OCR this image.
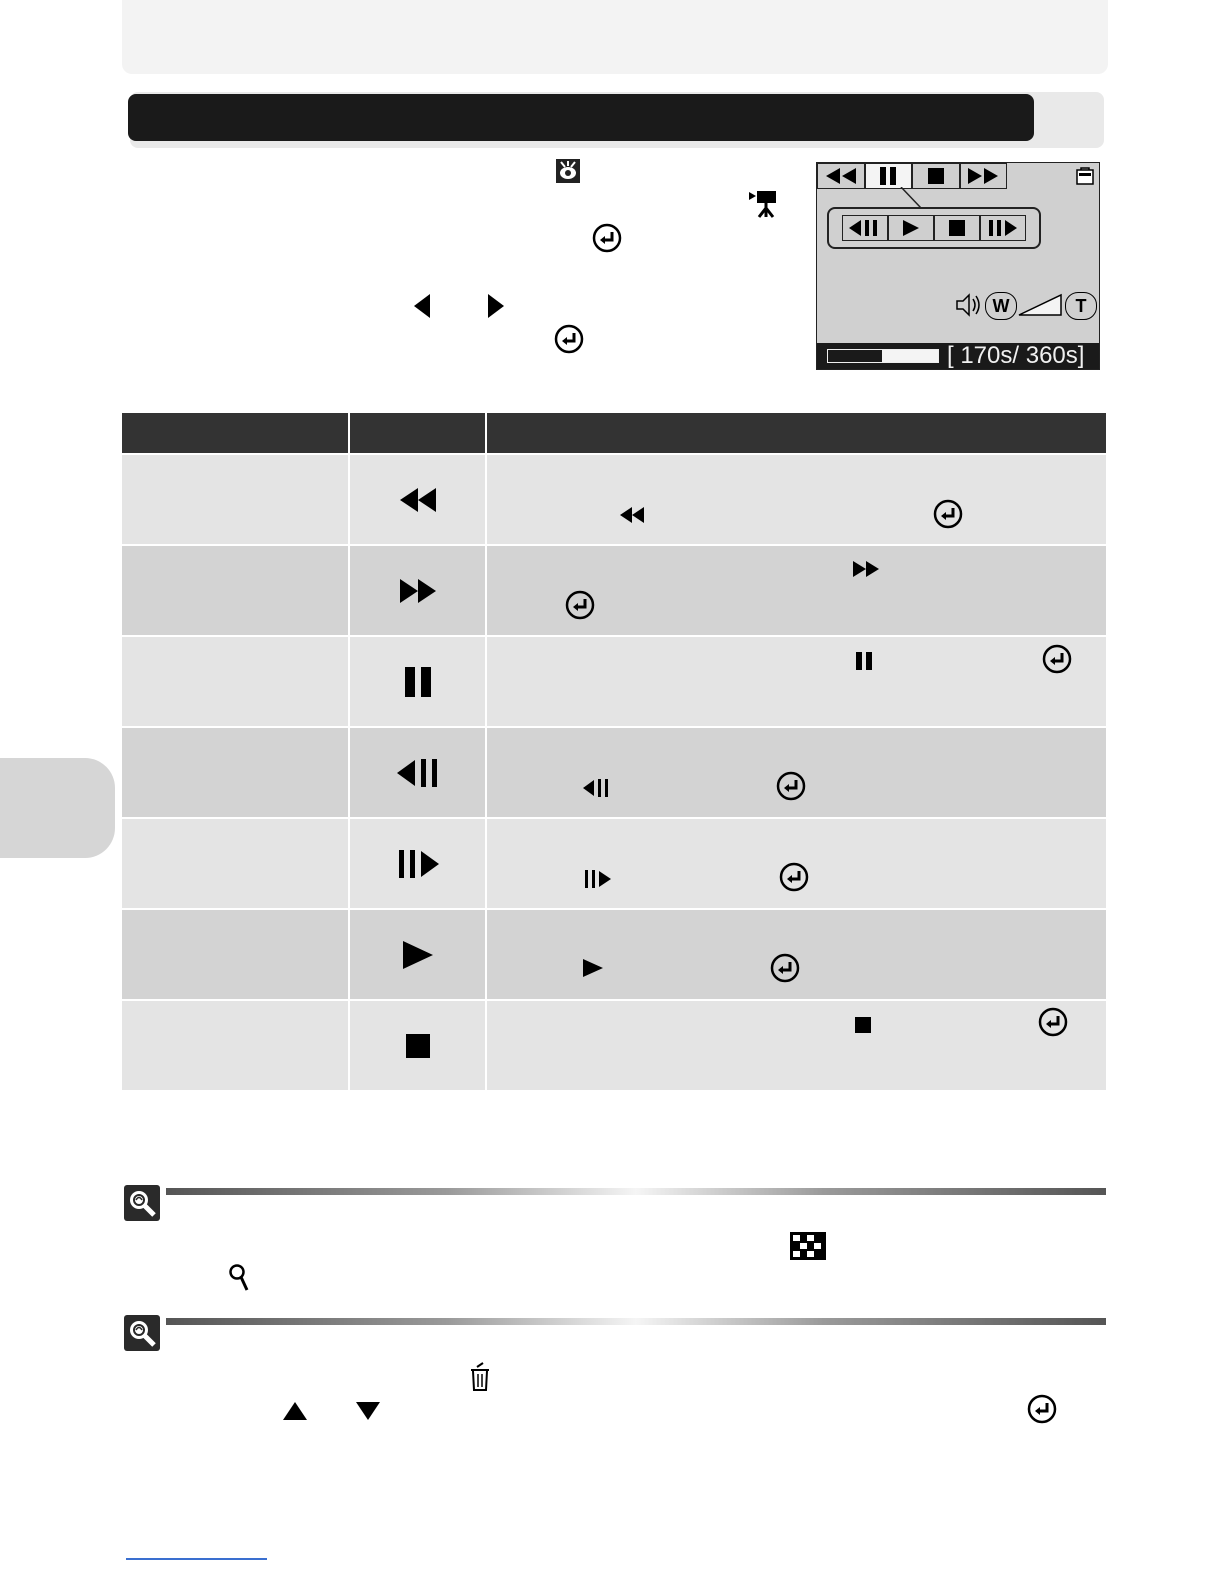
W	T
[ 170s/ 360s]
